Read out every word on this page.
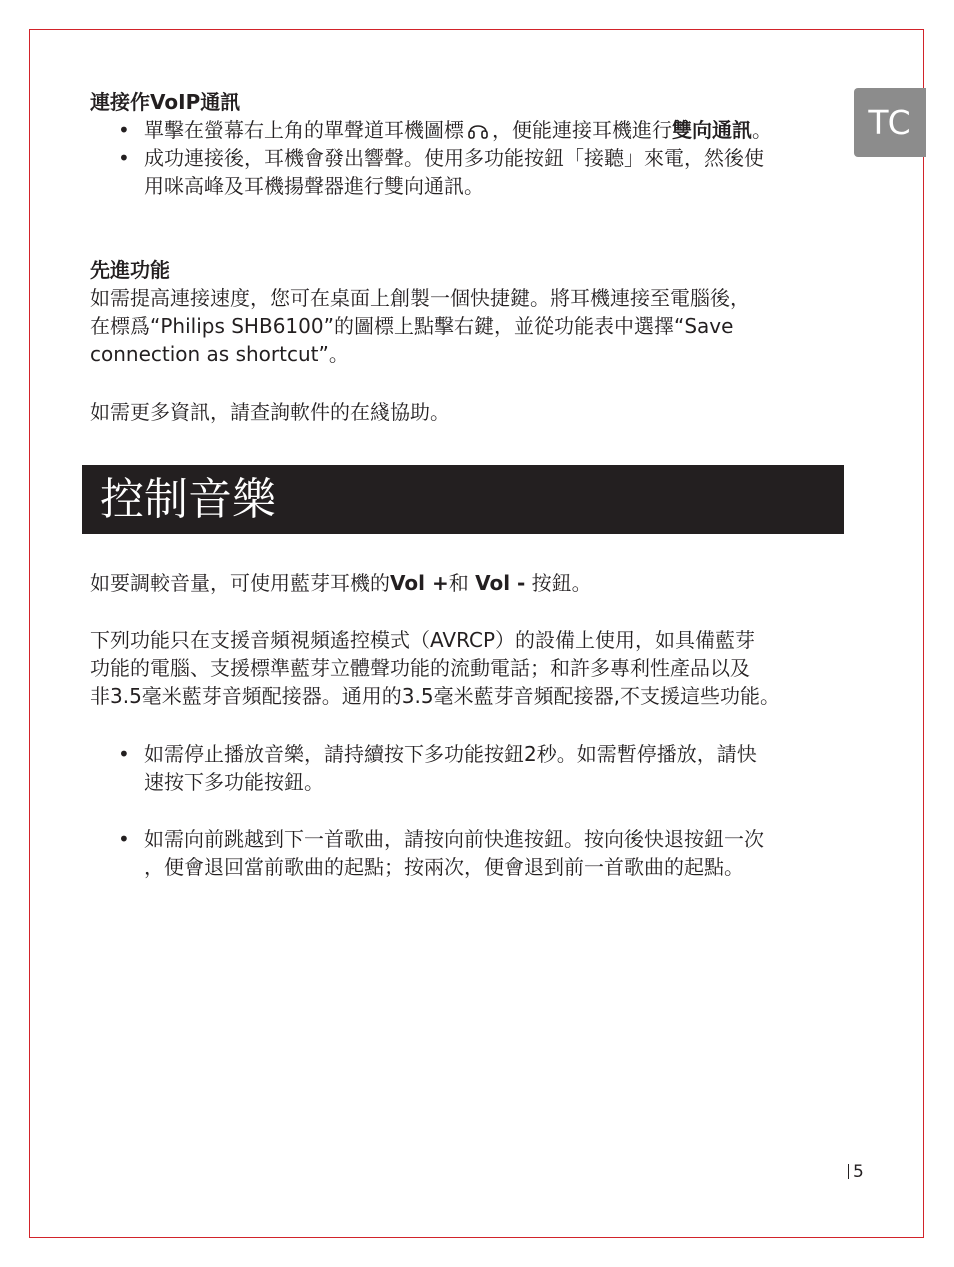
TC

連接作VoIP通訊

• 單擊在螢幕右上角的單聲道耳機圖標 ，便能連接耳機進行雙向通訊。
• 成功連接後，耳機會發出響聲。使用多功能按鈕「接聽」來電，然後使
用咪高峰及耳機揚聲器進行雙向通訊。

先進功能

如需提高連接速度，您可在桌面上創製一個快捷鍵。將耳機連接至電腦後，

在標爲“Philips SHB6100”的圖標上點擊右鍵，並從功能表中選擇“Save

connection as shortcut”。

如需更多資訊，請查詢軟件的在綫協助。

控制音樂

如要調較音量，可使用藍芽耳機的Vol +和 Vol - 按鈕。

下列功能只在支援音頻視頻遙控模式（AVRCP）的設備上使用，如具備藍芽

功能的電腦、支援標準藍芽立體聲功能的流動電話；和許多專利性產品以及

非3.5毫米藍芽音頻配接器。通用的3.5毫米藍芽音頻配接器,不支援這些功能。

• 如需停止播放音樂，請持續按下多功能按鈕2秒。如需暫停播放，請快
速按下多功能按鈕。
• 如需向前跳越到下一首歌曲，請按向前快進按鈕。按向後快退按鈕一次
，便會退回當前歌曲的起點；按兩次，便會退到前一首歌曲的起點。
5
